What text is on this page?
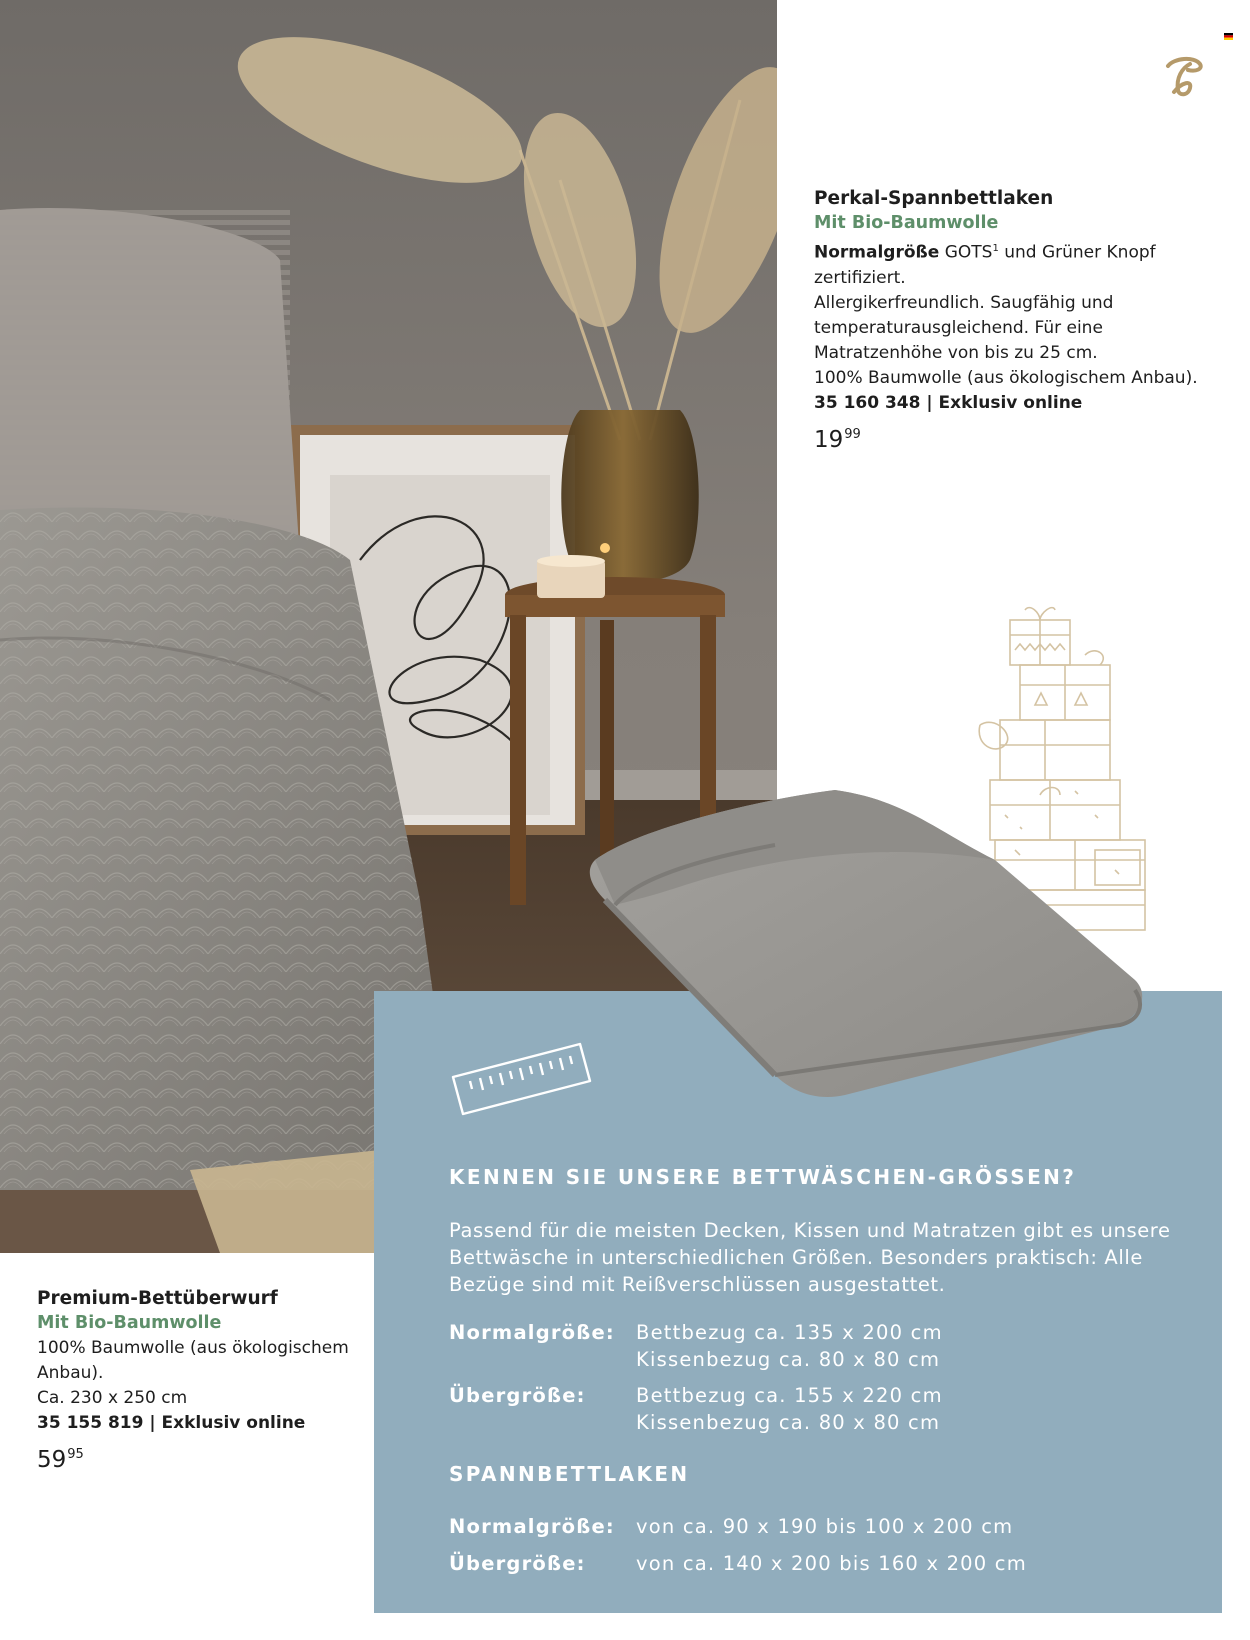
Perkal-Spannbettlaken
Mit Bio-Baumwolle
Normalgröße GOTS$^1$ und Grüner Knopf zertifiziert.
Allergikerfreundlich. Saugfähig und temperaturausgleichend. Für eine Matratzenhöhe von bis zu 25 cm.
100% Baumwolle (aus ökologischem Anbau).
35 160 348 | Exklusiv online
$19^{99}$
Premium-Bettüberwurf
Mit Bio-Baumwolle
100% Baumwolle (aus ökologischem Anbau).
Ca. 230 x 250 cm
35 155 819 | Exklusiv online
$59^{95}$
KENNEN SIE UNSERE BETTWÄSCHEN-GRÖSSEN?
Passend für die meisten Decken, Kissen und Matratzen gibt es unsere Bettwäsche in unterschiedlichen Größen. Besonders praktisch: Alle Bezüge sind mit Reißverschlüssen ausgestattet.
Normalgröße: Bettbezug ca. 135 x 200 cm
Kissenbezug ca. 80 x 80 cm
Übergröße:	Bettbezug ca. 155 x 220 cm
Kissenbezug ca. 80 x 80 cm
SPANNBETTLAKEN
Normalgröße: von ca. 90 x 190 bis 100 x 200 cm
Übergröße:	von ca. 140 x 200 bis 160 x 200 cm
